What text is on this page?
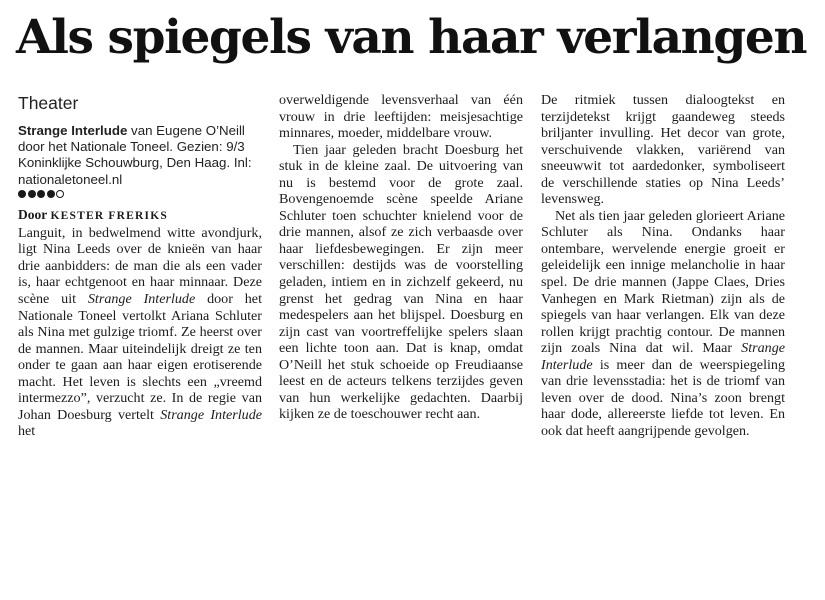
Als spiegels van haar verlangen
Theater

Strange Interlude van Eugene O’Neill door het Nationale Toneel. Gezien: 9/3 Koninklijke Schouwburg, Den Haag. Inl: nationaletoneel.nl

Door KESTER FRERIKS

Languit, in bedwelmend witte avondjurk, ligt Nina Leeds over de knieën van haar drie aanbidders: de man die als een vader is, haar echtgenoot en haar minnaar. Deze scène uit Strange Interlude door het Nationale Toneel vertolkt Ariana Schluter als Nina met gulzige triomf. Ze heerst over de mannen. Maar uiteindelijk dreigt ze ten onder te gaan aan haar eigen erotiserende macht. Het leven is slechts een „vreemd intermezzo”, verzucht ze. In de regie van Johan Doesburg vertelt Strange Interlude het

overweldigende levensverhaal van één vrouw in drie leeftijden: meisjesachtige minnares, moeder, middelbare vrouw.

Tien jaar geleden bracht Doesburg het stuk in de kleine zaal. De uitvoering van nu is bestemd voor de grote zaal. Bovengenoemde scène speelde Ariane Schluter toen schuchter knielend voor de drie mannen, alsof ze zich verbaasde over haar liefdesbewegingen. Er zijn meer verschillen: destijds was de voorstelling geladen, intiem en in zichzelf gekeerd, nu grenst het gedrag van Nina en haar medespelers aan het blijspel. Doesburg en zijn cast van voortreffelijke spelers slaan een lichte toon aan. Dat is knap, omdat O’Neill het stuk schoeide op Freudiaanse leest en de acteurs telkens terzijdes geven van hun werkelijke gedachten. Daarbij kijken ze de toeschouwer recht aan.

De ritmiek tussen dialoogtekst en terzijdetekst krijgt gaandeweg steeds briljanter invulling. Het decor van grote, verschuivende vlakken, variërend van sneeuwwit tot aardedonker, symboliseert de verschillende staties op Nina Leeds’ levensweg.

Net als tien jaar geleden glorieert Ariane Schluter als Nina. Ondanks haar ontembare, wervelende energie groeit er geleidelijk een innige melancholie in haar spel. De drie mannen (Jappe Claes, Dries Vanhegen en Mark Rietman) zijn als de spiegels van haar verlangen. Elk van deze rollen krijgt prachtig contour. De mannen zijn zoals Nina dat wil. Maar Strange Interlude is meer dan de weerspiegeling van drie levensstadia: het is de triomf van leven over de dood. Nina’s zoon brengt haar dode, allereerste liefde tot leven. En ook dat heeft aangrijpende gevolgen.
